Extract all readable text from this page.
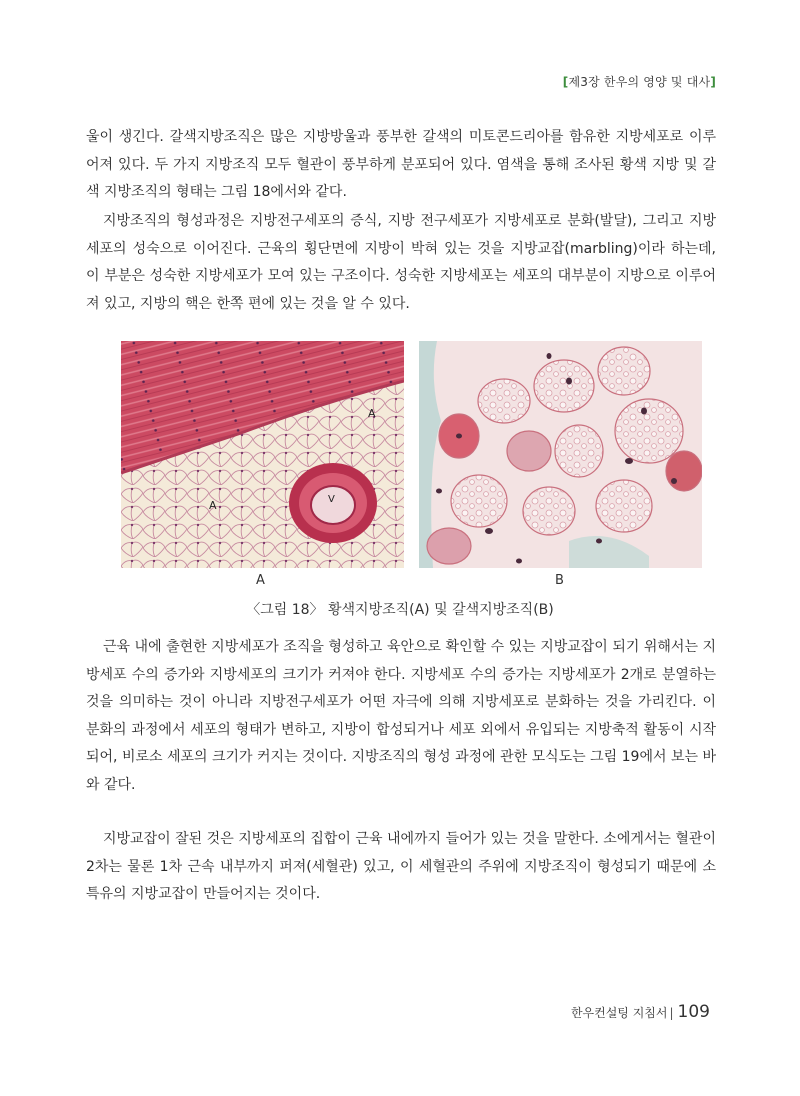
[제3장 한우의 영양 및 대사]

울이 생긴다. 갈색지방조직은 많은 지방방울과 풍부한 갈색의 미토콘드리아를 함유한 지방세포로 이루어져 있다. 두 가지 지방조직 모두 혈관이 풍부하게 분포되어 있다. 염색을 통해 조사된 황색 지방 및 갈색 지방조직의 형태는 그림 18에서와 같다.

지방조직의 형성과정은 지방전구세포의 증식, 지방 전구세포가 지방세포로 분화(발달), 그리고 지방세포의 성숙으로 이어진다. 근육의 횡단면에 지방이 박혀 있는 것을 지방교잡(marbling)이라 하는데, 이 부분은 성숙한 지방세포가 모여 있는 구조이다. 성숙한 지방세포는 세포의 대부분이 지방으로 이루어져 있고, 지방의 핵은 한쪽 편에 있는 것을 알 수 있다.

A
A	V
A	B
〈그림 18〉 황색지방조직(A) 및 갈색지방조직(B)

근육 내에 출현한 지방세포가 조직을 형성하고 육안으로 확인할 수 있는 지방교잡이 되기 위해서는 지방세포 수의 증가와 지방세포의 크기가 커져야 한다. 지방세포 수의 증가는 지방세포가 2개로 분열하는 것을 의미하는 것이 아니라 지방전구세포가 어떤 자극에 의해 지방세포로 분화하는 것을 가리킨다. 이 분화의 과정에서 세포의 형태가 변하고, 지방이 합성되거나 세포 외에서 유입되는 지방축적 활동이 시작되어, 비로소 세포의 크기가 커지는 것이다. 지방조직의 형성 과정에 관한 모식도는 그림 19에서 보는 바와 같다.

지방교잡이 잘된 것은 지방세포의 집합이 근육 내에까지 들어가 있는 것을 말한다. 소에게서는 혈관이 2차는 물론 1차 근속 내부까지 퍼져(세혈관) 있고, 이 세혈관의 주위에 지방조직이 형성되기 때문에 소 특유의 지방교잡이 만들어지는 것이다.

한우컨설팅 지침서 | 109
